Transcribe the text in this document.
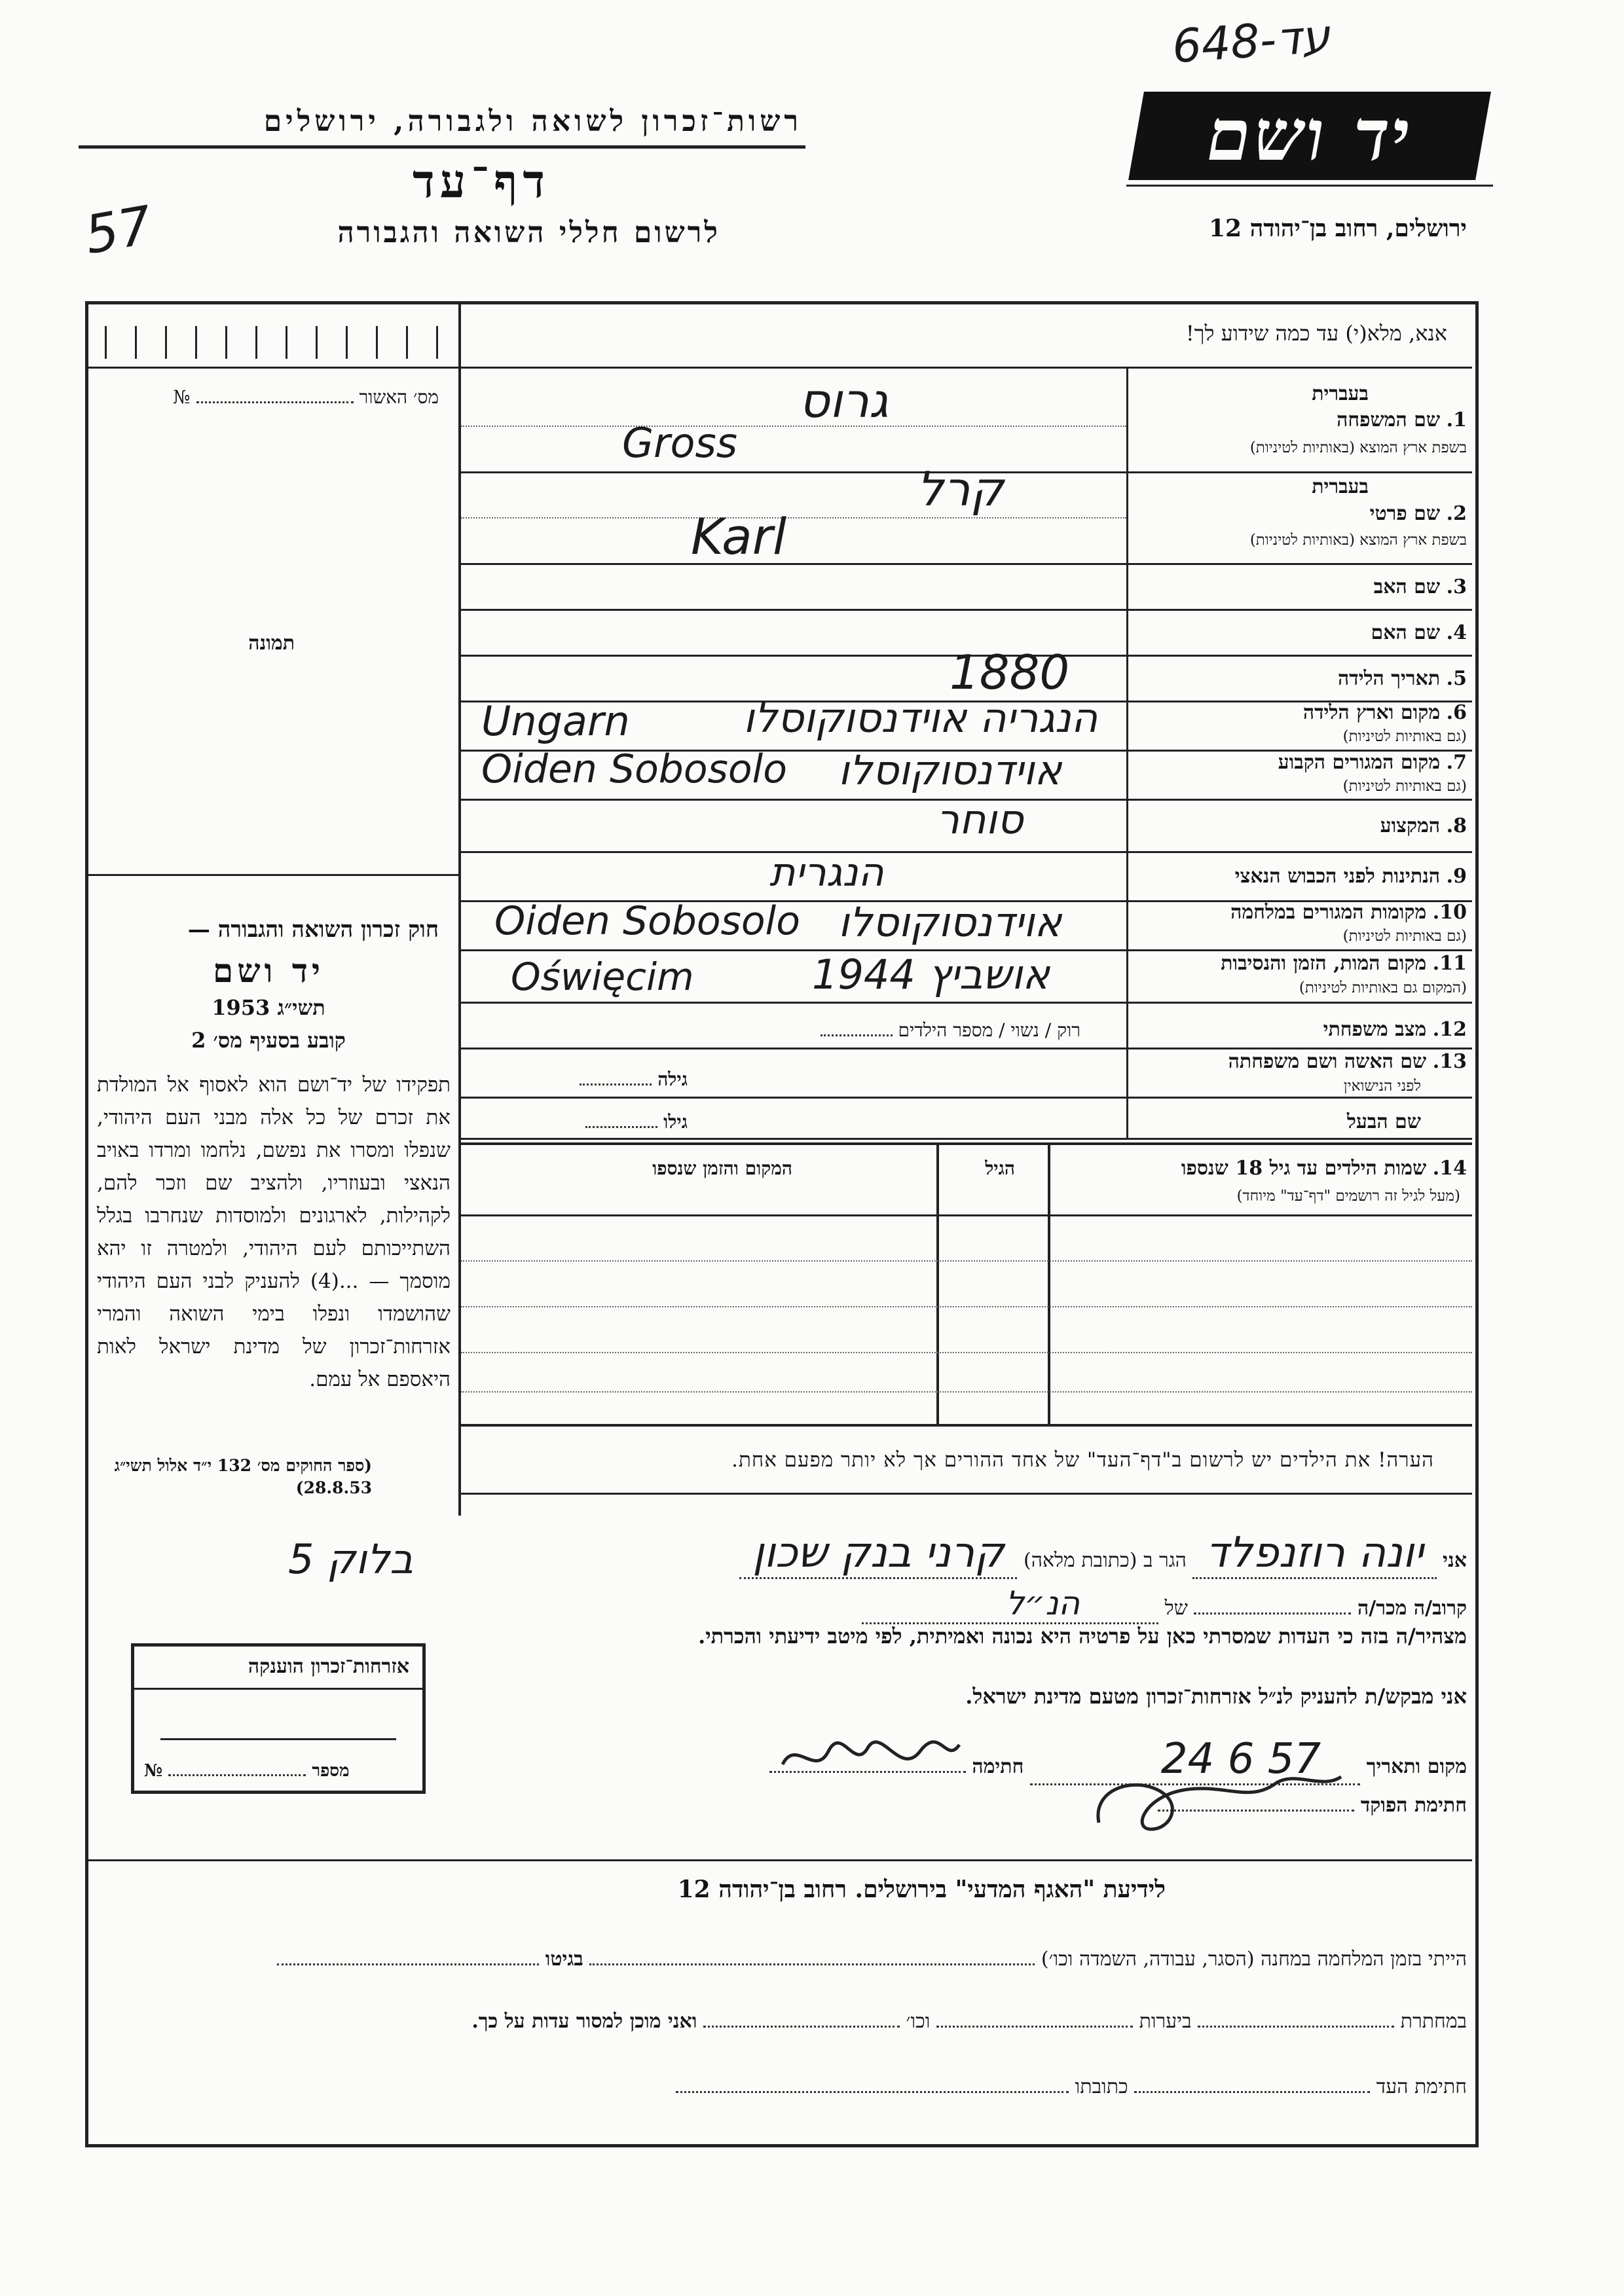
648-עד
רשות־זכרון לשואה ולגבורה, ירושלים	יד ושם
ירושלים, רחוב בן־יהודה 12
דף־עד
לרשום חללי השואה והגבורה
57
אנא, מלא(י) עד כמה שידוע לך!
מס׳ האשור  №
תמונה
בעברית
1. שם המשפחה
בשפת ארץ המוצא (באותיות לטיניות)
גרוס
Gross
בעברית
2. שם פרטי
בשפת ארץ המוצא (באותיות לטיניות)
קרל
Karl
3. שם האב
4. שם האם
5. תאריך הלידה
1880
6. מקום וארץ הלידה
(גם באותיות לטיניות)
הנגריה אוידנסוקוסלו
Ungarn
7. מקום המגורים הקבוע
(גם באותיות לטיניות)
אוידנסוקוסלו
Oiden Sobosolo
8. המקצוע
סוחר
9. הנתינות לפני הכבוש הנאצי
הנגרית
10. מקומות המגורים במלחמה
(גם באותיות לטיניות)
אוידנסוקוסלו
Oiden Sobosolo
11. מקום המות, הזמן והנסיבות
(המקום גם באותיות לטיניות)
אושביץ 1944
Oświęcim
12. מצב משפחתי
רוק / נשוי / מספר הילדים
13. שם האשה ושם משפחתה
לפני הנישואין
גילה
שם הבעל
גילו
14. שמות הילדים עד גיל 18 שנספו
(מעל לגיל זה רושמים "דף־עד" מיוחד)
הגיל
המקום והזמן שנספו
הערה! את הילדים יש לרשום ב"דף־העד" של אחד ההורים אך לא יותר מפעם אחת.
חוק זכרון השואה והגבורה —
יד ושם
תשי״ג 1953
קובע בסעיף מס׳ 2
תפקידו של יד־ושם הוא לאסוף אל המולדת את זכרם של כל אלה מבני העם היהודי, שנפלו ומסרו את נפשם, נלחמו ומרדו באויב הנאצי ובעוזריו, ולהציב שם וזכר להם, לקהילות, לארגונים ולמוסדות שנחרבו בגלל השתייכותם לעם היהודי, ולמטרה זו יהא מוסמך — ...(4) להעניק לבני העם היהודי שהושמדו ונפלו בימי השואה והמרי אזרחות־זכרון של מדינת ישראל לאות היאספם אל עמם.
(ספר החוקים מס׳ 132 י״ד אלול תשי״ג 28.8.53)
אני יונה רוזנפלד הגר ב (כתובת מלאה) קרני בנק שכון
בלוק 5
קרוב/ה מכר/ה  של הנ״ל
מצהיר/ה בזה כי העדות שמסרתי כאן על פרטיה היא נכונה ואמיתית, לפי מיטב ידיעתי והכרתי.
אזרחות־זכרון הוענקה
№	מספר
אני מבקש/ת להעניק לנ״ל אזרחות־זכרון מטעם מדינת ישראל.
מקום ותאריך 24 6 57 חתימה
חתימת הפוקד
לידיעת "האגף המדעי" בירושלים. רחוב בן־יהודה 12
הייתי בזמן המלחמה במחנה (הסגר, עבודה, השמדה וכו׳)  בגיטו
במחתרת  ביערות  וכו׳  ואני מוכן למסור עדות על כך.
חתימת העד  כתובתו
